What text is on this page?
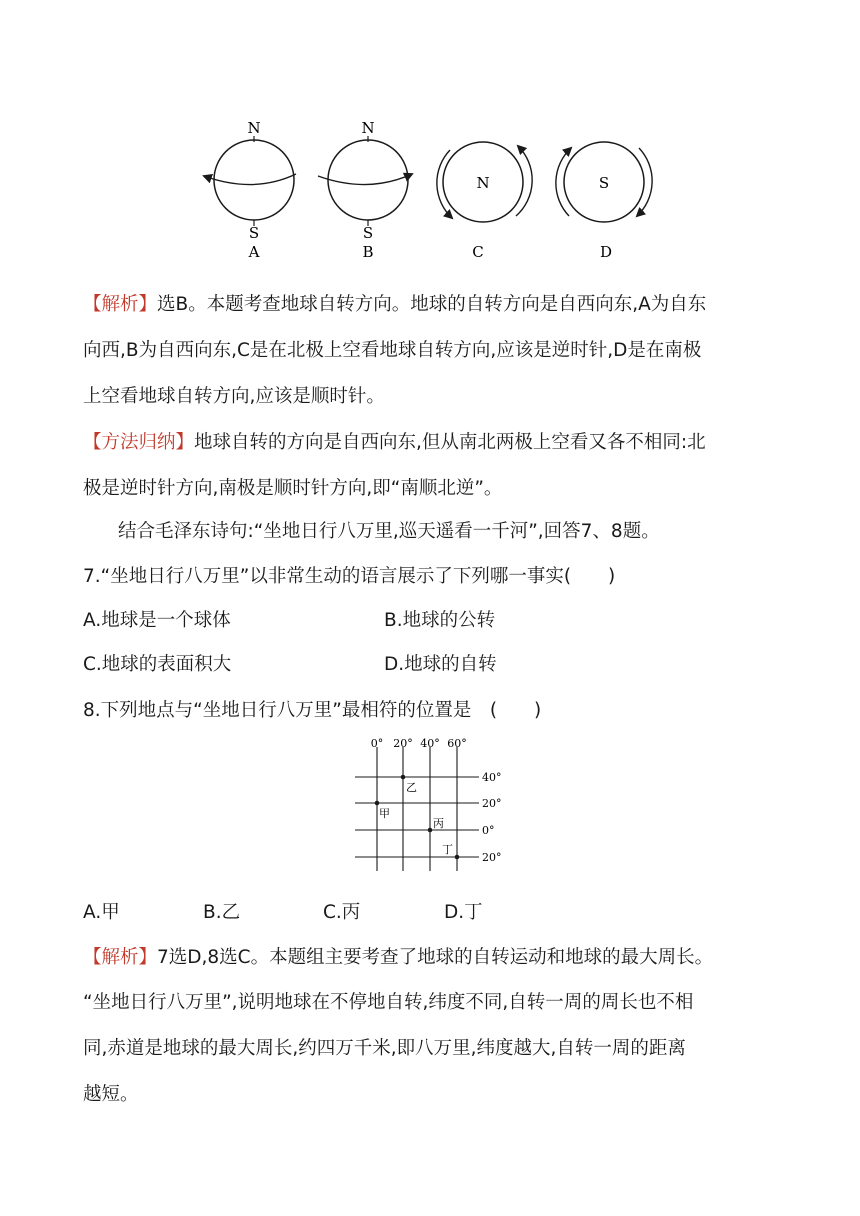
N
S
A
N
S
B
N
C
S
D
【解析】选B。本题考查地球自转方向。地球的自转方向是自西向东,A为自东
向西,B为自西向东,C是在北极上空看地球自转方向,应该是逆时针,D是在南极
上空看地球自转方向,应该是顺时针。
【方法归纳】地球自转的方向是自西向东,但从南北两极上空看又各不相同:北
极是逆时针方向,南极是顺时针方向,即“南顺北逆”。
结合毛泽东诗句:“坐地日行八万里,巡天遥看一千河”,回答7、8题。
7.“坐地日行八万里”以非常生动的语言展示了下列哪一事实(　　)
A.地球是一个球体	B.地球的公转
C.地球的表面积大	D.地球的自转
8.下列地点与“坐地日行八万里”最相符的位置是　(　　)
0° 20° 40° 60°
40°
20°
0°
20°
甲
乙
丙
丁
A.甲	B.乙	C.丙	D.丁
【解析】7选D,8选C。本题组主要考查了地球的自转运动和地球的最大周长。
“坐地日行八万里”,说明地球在不停地自转,纬度不同,自转一周的周长也不相
同,赤道是地球的最大周长,约四万千米,即八万里,纬度越大,自转一周的距离
越短。
